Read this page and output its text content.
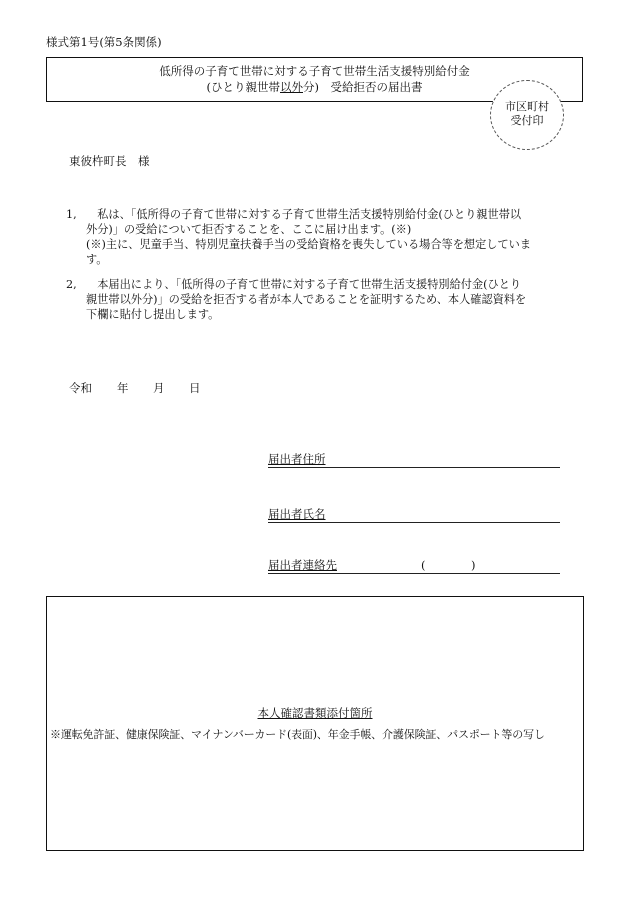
様式第1号(第5条関係)
低所得の子育て世帯に対する子育て世帯生活支援特別給付金
(ひとり親世帯以外分)　受給拒否の届出書
市区町村
受付印
東彼杵町長　様
1, 　私は、「低所得の子育て世帯に対する子育て世帯生活支援特別給付金(ひとり親世帯以
外分)」の受給について拒否することを、ここに届け出ます。(※)
(※)主に、児童手当、特別児童扶養手当の受給資格を喪失している場合等を想定していま
す。
2, 　本届出により、「低所得の子育て世帯に対する子育て世帯生活支援特別給付金(ひとり
親世帯以外分)」の受給を拒否する者が本人であることを証明するため、本人確認資料を
下欄に貼付し提出します。
令和 年 月 日
届出者住所
届出者氏名
届出者連絡先	(	)
本人確認書類添付箇所
※運転免許証、健康保険証、マイナンバーカード(表面)、年金手帳、介護保険証、パスポート等の写し
